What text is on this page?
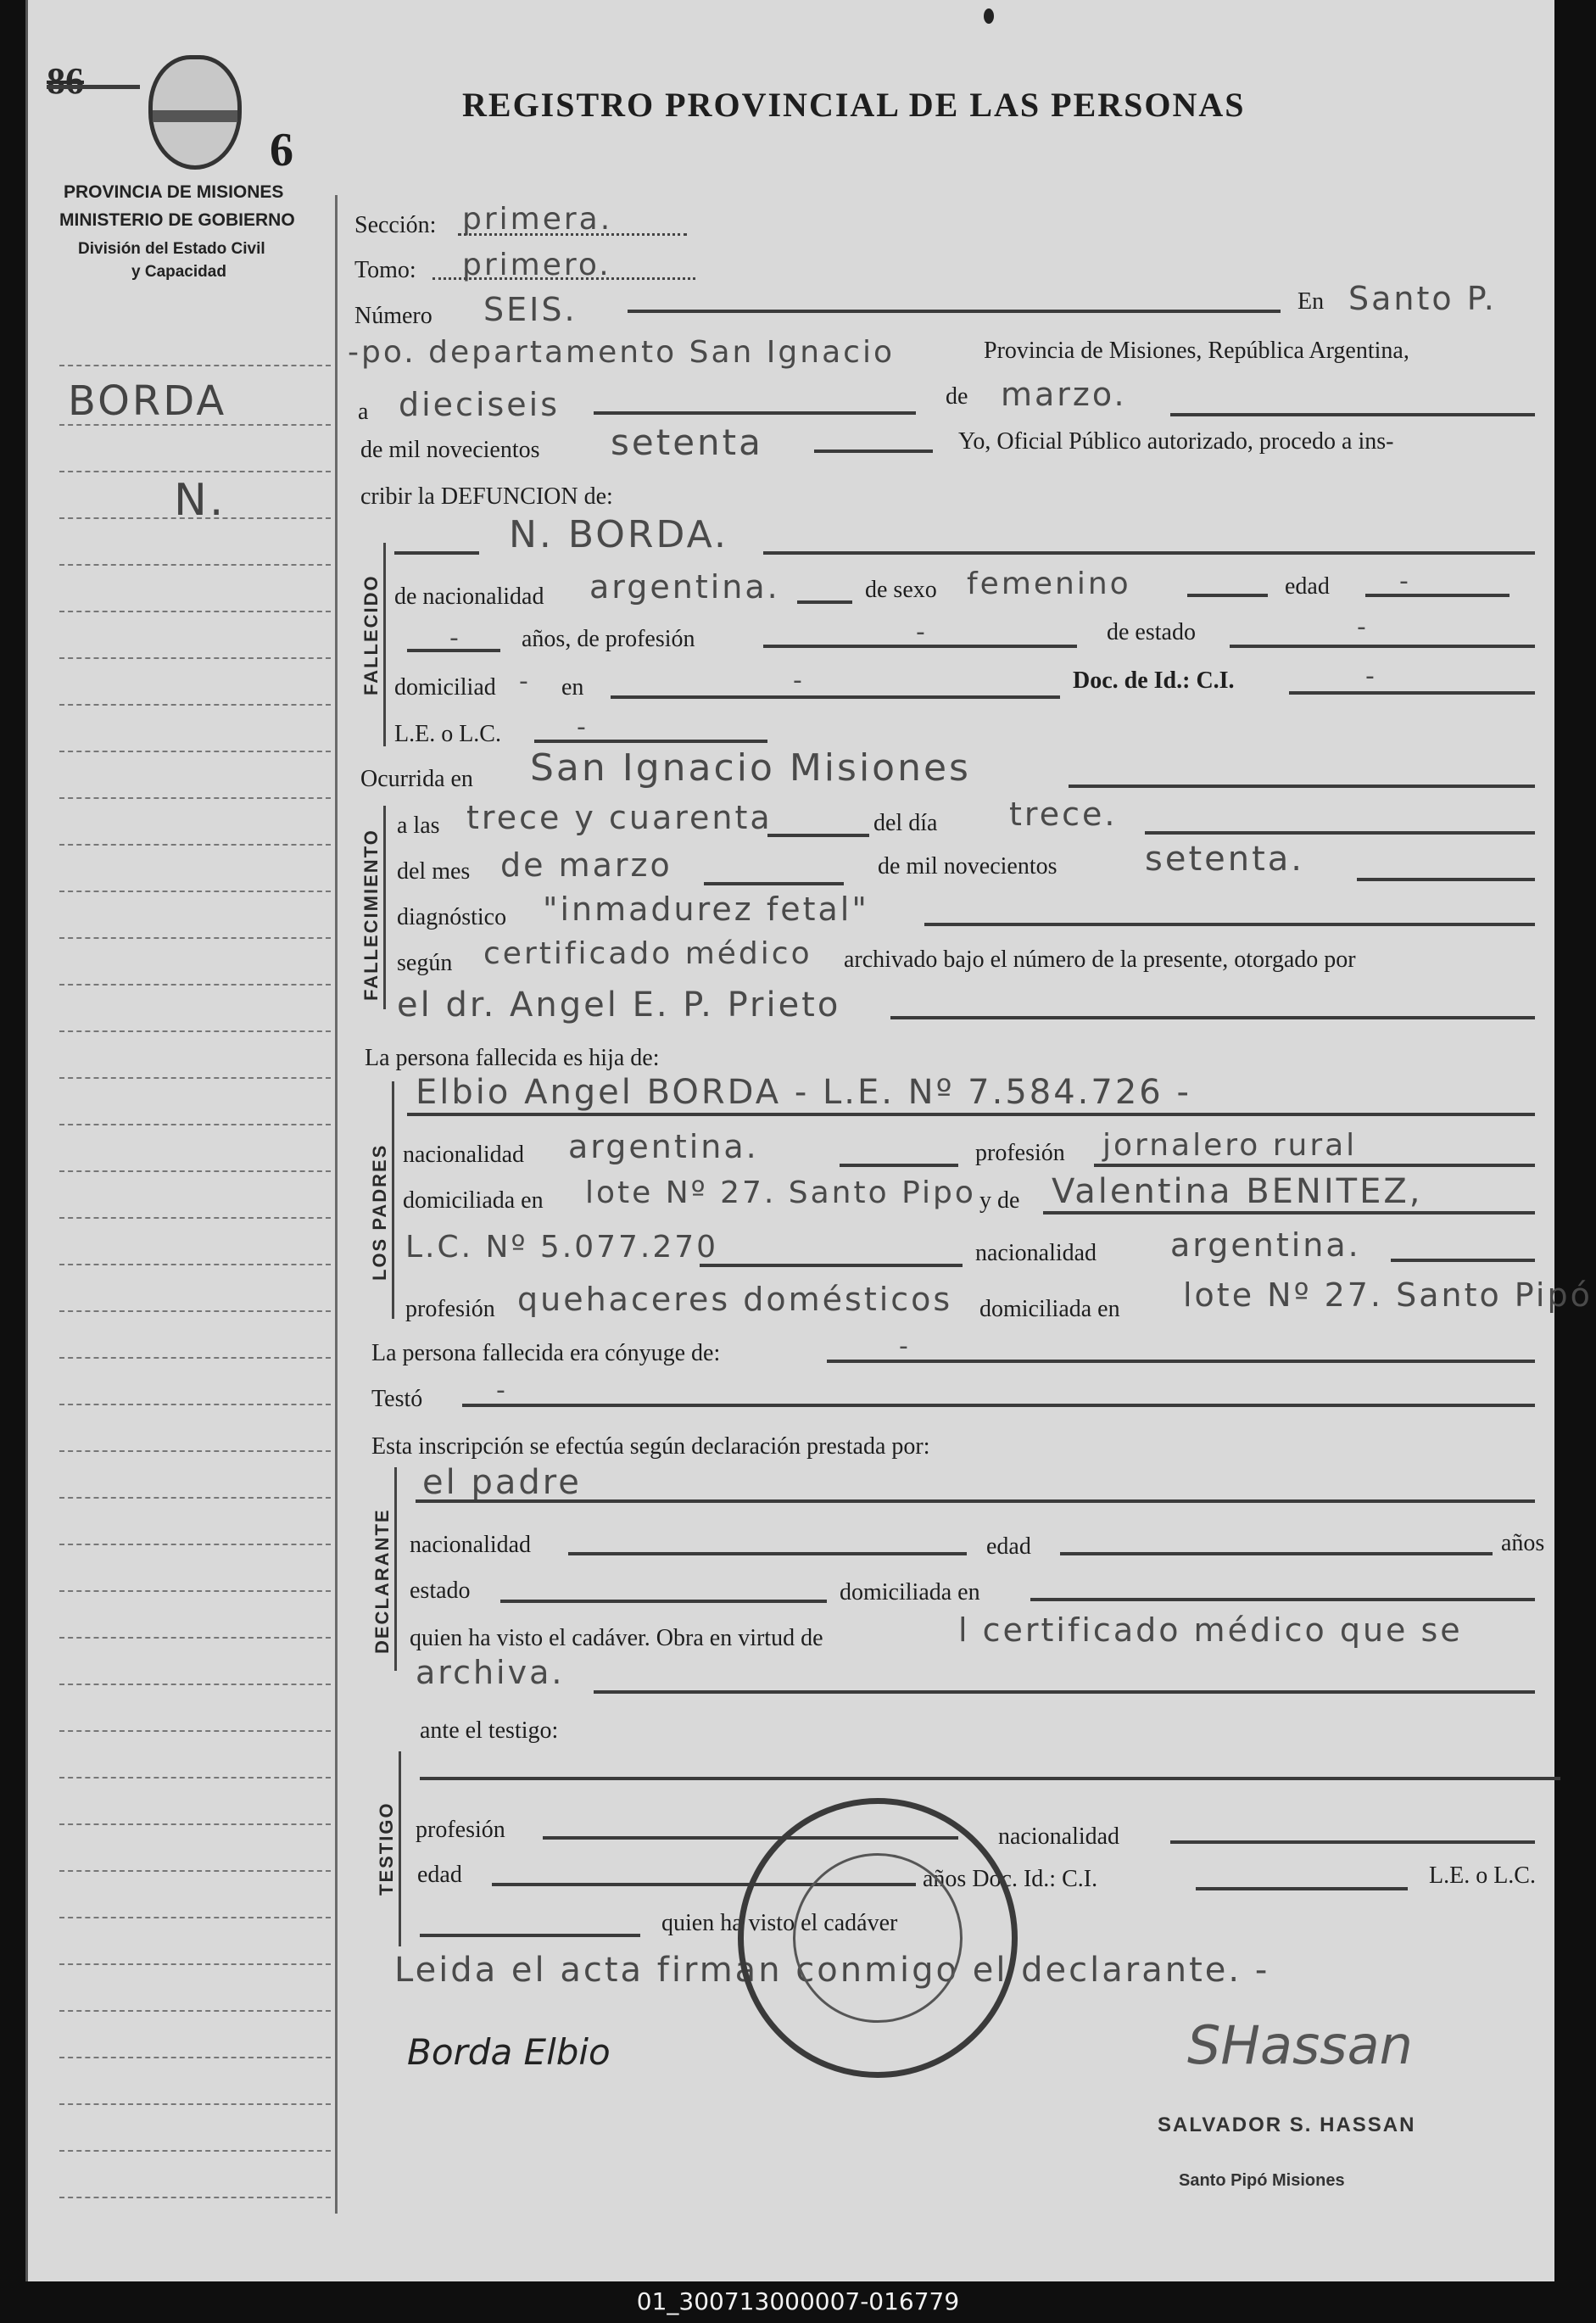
86
6
PROVINCIA DE MISIONES
MINISTERIO DE GOBIERNO
División del Estado Civil
y Capacidad
REGISTRO PROVINCIAL DE LAS PERSONAS
BORDA
N.
Sección: primera.
Tomo: primero.
Número SEIS.	En Santo P.
-po. departamento San Ignacio	Provincia de Misiones, República Argentina,
a dieciseis	de marzo.
de mil novecientos setenta	Yo, Oficial Público autorizado, procedo a ins-
cribir la DEFUNCION de:
FALLECIDO
N. BORDA.
de nacionalidad argentina.	de sexo femenino	edad	-
-	años, de profesión	-	de estado	-
domiciliad - en	-	Doc. de Id.: C.I.	-
L.E. o L.C.	-
Ocurrida en San Ignacio Misiones
FALLECIMIENTO
a las trece y cuarenta	del día trece.
del mes de marzo	de mil novecientos	setenta.
diagnóstico "inmadurez fetal"
según certificado médico archivado bajo el número de la presente, otorgado por
el dr. Angel E. P. Prieto
La persona fallecida es hija de:
LOS PADRES
Elbio Angel BORDA - L.E. Nº 7.584.726 -
nacionalidad argentina.	profesión jornalero rural
domiciliada en lote Nº 27. Santo Pipo y de Valentina BENITEZ,
L.C. Nº 5.077.270	nacionalidad argentina.
profesión quehaceres domésticos domiciliada en lote Nº 27. Santo Pipó
La persona fallecida era cónyuge de:	-
Testó	-
Esta inscripción se efectúa según declaración prestada por:
DECLARANTE
el padre
nacionalidad	edad	años
estado	domiciliada en
quien ha visto el cadáver. Obra en virtud de	l certificado médico que se
archiva.
ante el testigo:
TESTIGO profesión	nacionalidad
edad	años Doc. Id.: C.I.	L.E. o L.C.
quien ha visto el cadáver
Leida el acta firman conmigo el declarante. -
Borda Elbio	SHassan
SALVADOR S. HASSAN
Santo Pipó Misiones
01_300713000007-016779
